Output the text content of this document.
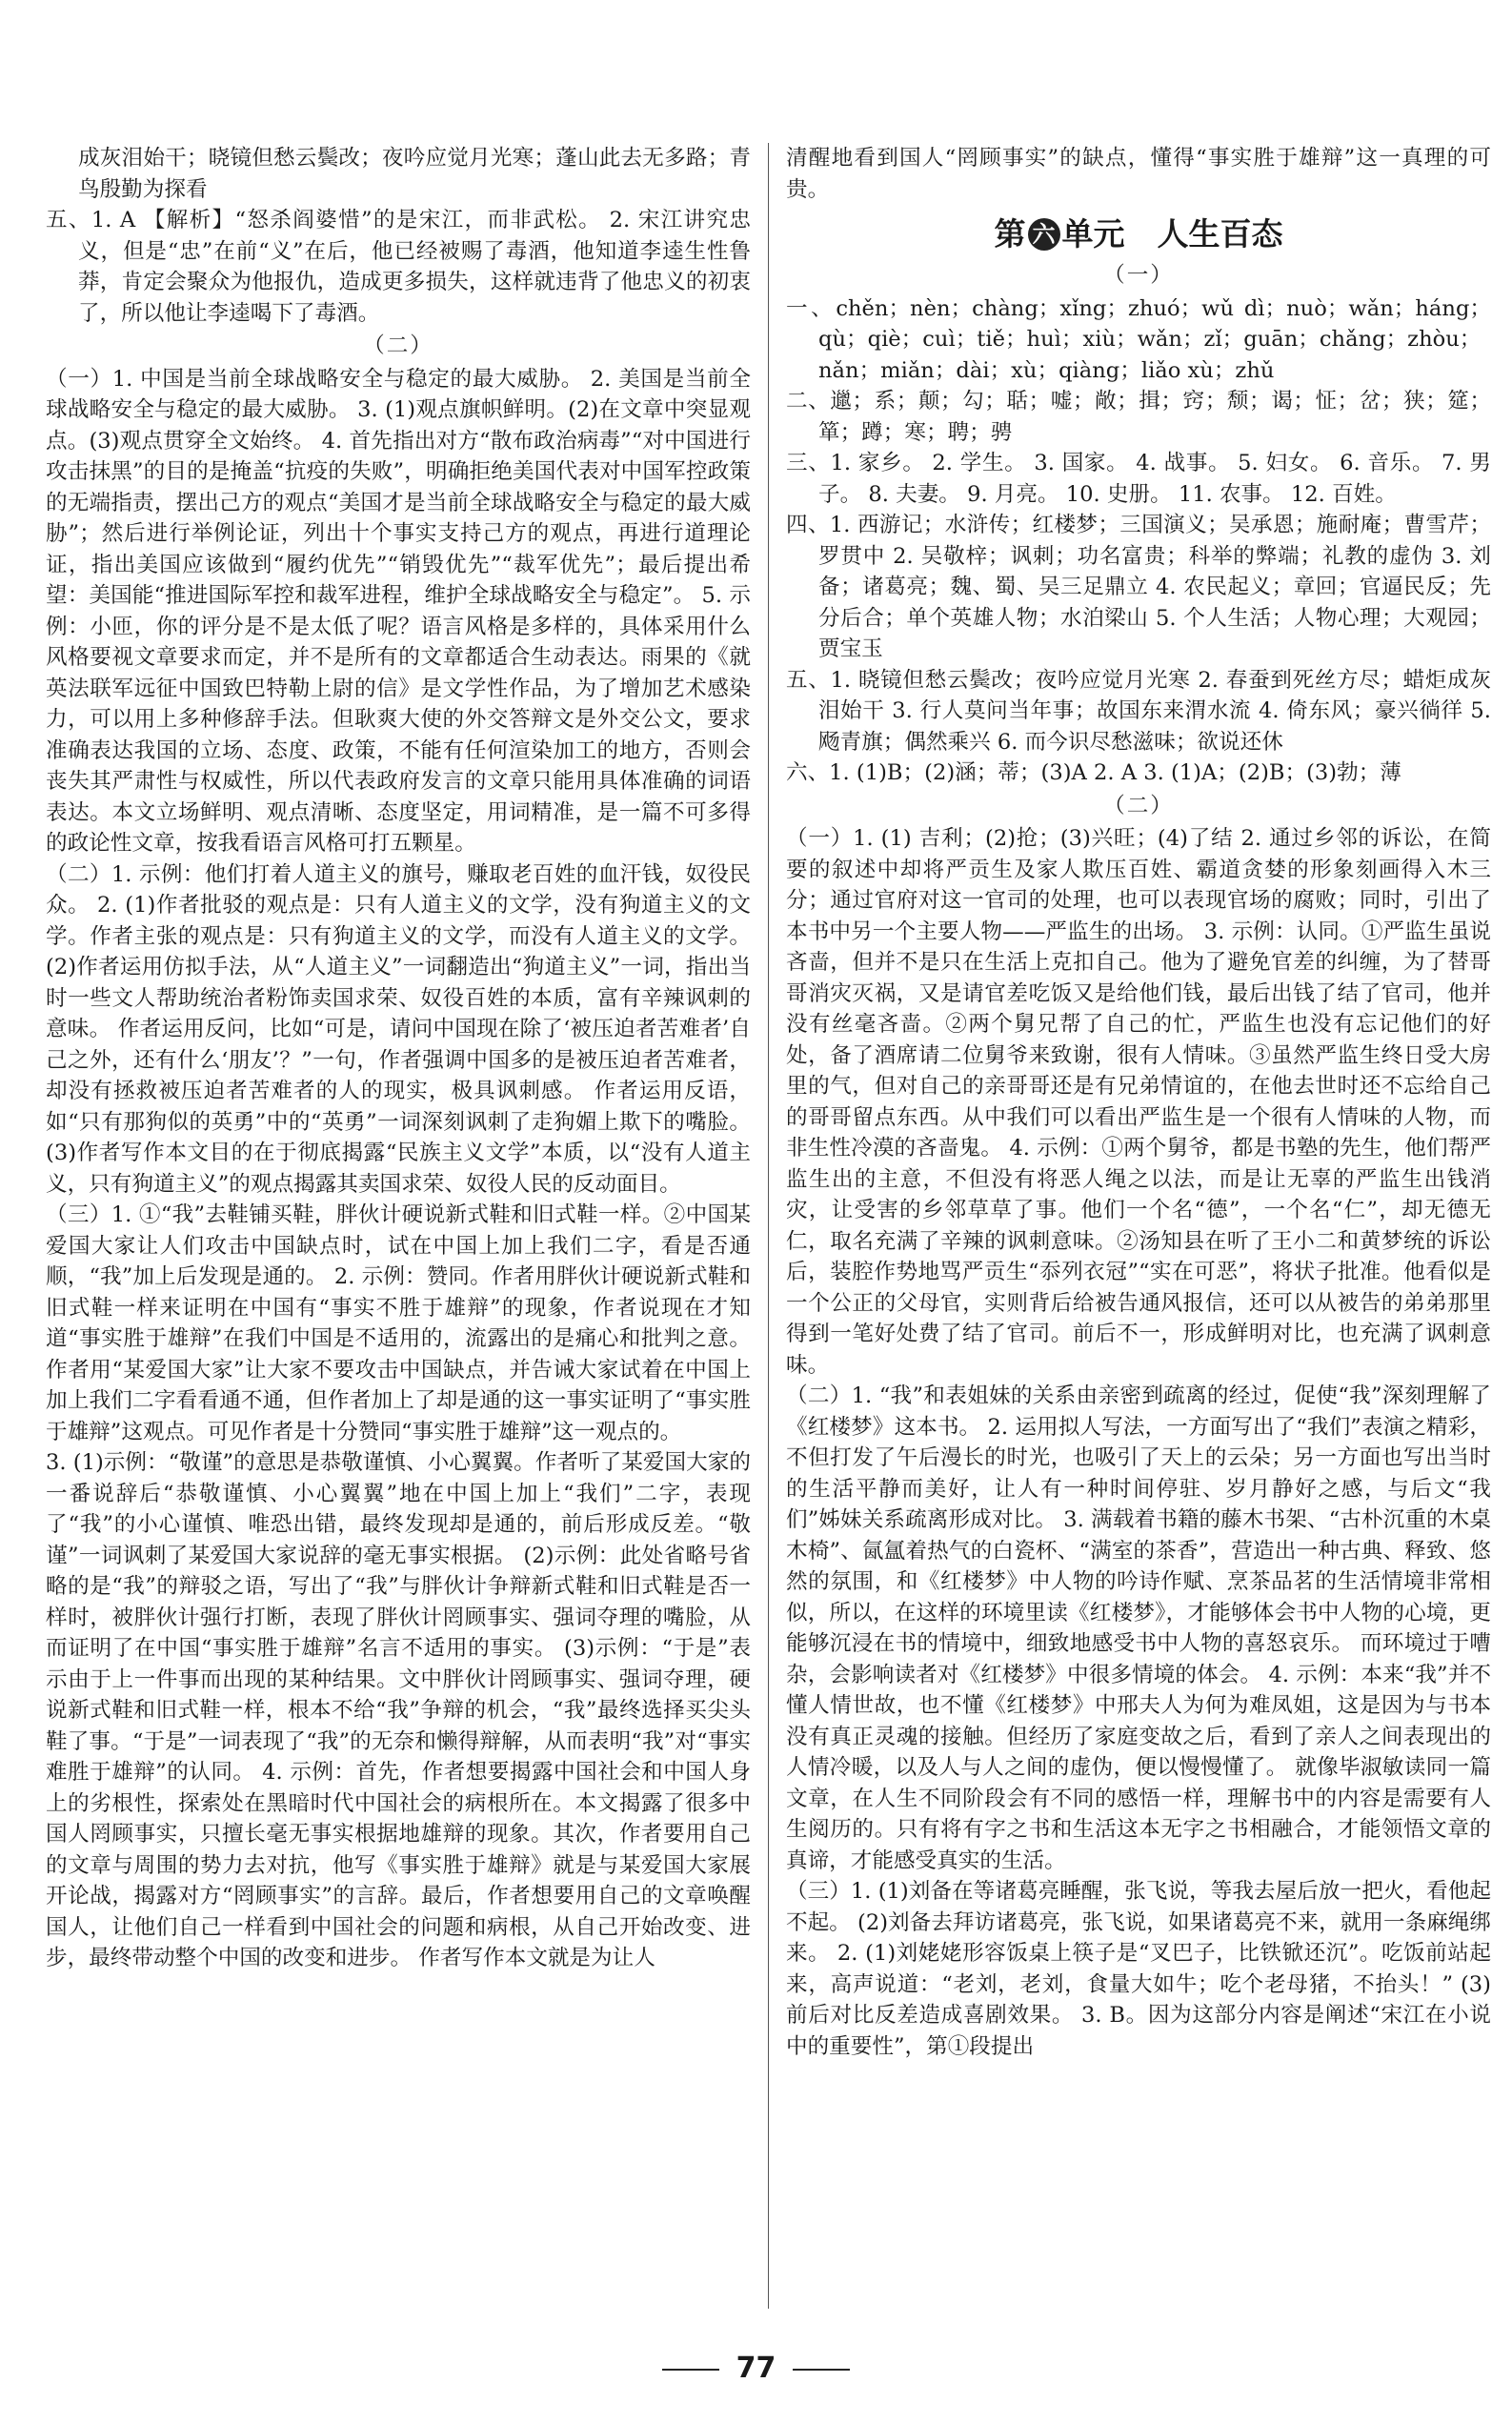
成灰泪始干；晓镜但愁云鬓改；夜吟应觉月光寒；蓬山此去无多路；青鸟殷勤为探看

五、1. A 【解析】“怒杀阎婆惜”的是宋江，而非武松。 2. 宋江讲究忠义，但是“忠”在前“义”在后，他已经被赐了毒酒，他知道李逵生性鲁莽，肯定会聚众为他报仇，造成更多损失，这样就违背了他忠义的初衷了，所以他让李逵喝下了毒酒。

（二）

（一）1. 中国是当前全球战略安全与稳定的最大威胁。 2. 美国是当前全球战略安全与稳定的最大威胁。 3. (1)观点旗帜鲜明。(2)在文章中突显观点。(3)观点贯穿全文始终。 4. 首先指出对方“散布政治病毒”“对中国进行攻击抹黑”的目的是掩盖“抗疫的失败”，明确拒绝美国代表对中国军控政策的无端指责，摆出己方的观点“美国才是当前全球战略安全与稳定的最大威胁”；然后进行举例论证，列出十个事实支持己方的观点，再进行道理论证，指出美国应该做到“履约优先”“销毁优先”“裁军优先”；最后提出希望：美国能“推进国际军控和裁军进程，维护全球战略安全与稳定”。 5. 示例：小匝，你的评分是不是太低了呢？语言风格是多样的，具体采用什么风格要视文章要求而定，并不是所有的文章都适合生动表达。雨果的《就英法联军远征中国致巴特勒上尉的信》是文学性作品，为了增加艺术感染力，可以用上多种修辞手法。但耿爽大使的外交答辩文是外交公文，要求准确表达我国的立场、态度、政策，不能有任何渲染加工的地方，否则会丧失其严肃性与权威性，所以代表政府发言的文章只能用具体准确的词语表达。本文立场鲜明、观点清晰、态度坚定，用词精准，是一篇不可多得的政论性文章，按我看语言风格可打五颗星。

（二）1. 示例：他们打着人道主义的旗号，赚取老百姓的血汗钱，奴役民众。 2. (1)作者批驳的观点是：只有人道主义的文学，没有狗道主义的文学。作者主张的观点是：只有狗道主义的文学，而没有人道主义的文学。 (2)作者运用仿拟手法，从“人道主义”一词翻造出“狗道主义”一词，指出当时一些文人帮助统治者粉饰卖国求荣、奴役百姓的本质，富有辛辣讽刺的意味。 作者运用反问，比如“可是，请问中国现在除了‘被压迫者苦难者’自己之外，还有什么‘朋友’？”一句，作者强调中国多的是被压迫者苦难者，却没有拯救被压迫者苦难者的人的现实，极具讽刺感。 作者运用反语，如“只有那狗似的英勇”中的“英勇”一词深刻讽刺了走狗媚上欺下的嘴脸。 (3)作者写作本文目的在于彻底揭露“民族主义文学”本质，以“没有人道主义，只有狗道主义”的观点揭露其卖国求荣、奴役人民的反动面目。

（三）1. ①“我”去鞋铺买鞋，胖伙计硬说新式鞋和旧式鞋一样。②中国某爱国大家让人们攻击中国缺点时，试在中国上加上我们二字，看是否通顺，“我”加上后发现是通的。 2. 示例：赞同。作者用胖伙计硬说新式鞋和旧式鞋一样来证明在中国有“事实不胜于雄辩”的现象，作者说现在才知道“事实胜于雄辩”在我们中国是不适用的，流露出的是痛心和批判之意。 作者用“某爱国大家”让大家不要攻击中国缺点，并告诫大家试着在中国上加上我们二字看看通不通，但作者加上了却是通的这一事实证明了“事实胜于雄辩”这观点。可见作者是十分赞同“事实胜于雄辩”这一观点的。

3. (1)示例：“敬谨”的意思是恭敬谨慎、小心翼翼。作者听了某爱国大家的一番说辞后“恭敬谨慎、小心翼翼”地在中国上加上“我们”二字，表现了“我”的小心谨慎、唯恐出错，最终发现却是通的，前后形成反差。“敬谨”一词讽刺了某爱国大家说辞的毫无事实根据。 (2)示例：此处省略号省略的是“我”的辩驳之语，写出了“我”与胖伙计争辩新式鞋和旧式鞋是否一样时，被胖伙计强行打断，表现了胖伙计罔顾事实、强词夺理的嘴脸，从而证明了在中国“事实胜于雄辩”名言不适用的事实。 (3)示例：“于是”表示由于上一件事而出现的某种结果。文中胖伙计罔顾事实、强词夺理，硬说新式鞋和旧式鞋一样，根本不给“我”争辩的机会，“我”最终选择买尖头鞋了事。“于是”一词表现了“我”的无奈和懒得辩解，从而表明“我”对“事实难胜于雄辩”的认同。 4. 示例：首先，作者想要揭露中国社会和中国人身上的劣根性，探索处在黑暗时代中国社会的病根所在。本文揭露了很多中国人罔顾事实，只擅长毫无事实根据地雄辩的现象。其次，作者要用自己的文章与周围的势力去对抗，他写《事实胜于雄辩》就是与某爱国大家展开论战，揭露对方“罔顾事实”的言辞。最后，作者想要用自己的文章唤醒国人，让他们自己一样看到中国社会的问题和病根，从自己开始改变、进步，最终带动整个中国的改变和进步。 作者写作本文就是为让人

清醒地看到国人“罔顾事实”的缺点，懂得“事实胜于雄辩”这一真理的可贵。

第 六 单元 人生百态

（一）

一、chěn；nèn；chàng；xǐng；zhuó；wǔ dì；nuò；wǎn；háng；qù；qiè；cuì；tiě；huì；xiù；wǎn；zǐ；guān；chǎng；zhòu；nǎn；miǎn；dài；xù；qiàng；liǎo xù；zhǔ

二、邋；系；颠；勾；聒；嘘；敞；揖；窍；颓；谒；怔；岔；狭；筵；箪；蹲；寒；聘；骋

三、1. 家乡。 2. 学生。 3. 国家。 4. 战事。 5. 妇女。 6. 音乐。 7. 男子。 8. 夫妻。 9. 月亮。 10. 史册。 11. 农事。 12. 百姓。

四、1. 西游记；水浒传；红楼梦；三国演义；吴承恩；施耐庵；曹雪芹；罗贯中 2. 吴敬梓；讽刺；功名富贵；科举的弊端；礼教的虚伪 3. 刘备；诸葛亮；魏、蜀、吴三足鼎立 4. 农民起义；章回；官逼民反；先分后合；单个英雄人物；水泊梁山 5. 个人生活；人物心理；大观园；贾宝玉

五、1. 晓镜但愁云鬓改；夜吟应觉月光寒 2. 春蚕到死丝方尽；蜡炬成灰泪始干 3. 行人莫问当年事；故国东来渭水流 4. 倚东风；豪兴徜徉 5. 飏青旗；偶然乘兴 6. 而今识尽愁滋味；欲说还休

六、1. (1)B；(2)涵；蒂；(3)A 2. A 3. (1)A；(2)B；(3)勃；薄

（二）

（一）1. (1) 吉利；(2)抢；(3)兴旺；(4)了结 2. 通过乡邻的诉讼，在简要的叙述中却将严贡生及家人欺压百姓、霸道贪婪的形象刻画得入木三分；通过官府对这一官司的处理，也可以表现官场的腐败；同时，引出了本书中另一个主要人物——严监生的出场。 3. 示例：认同。①严监生虽说吝啬，但并不是只在生活上克扣自己。他为了避免官差的纠缠，为了替哥哥消灾灭祸，又是请官差吃饭又是给他们钱，最后出钱了结了官司，他并没有丝毫吝啬。②两个舅兄帮了自己的忙，严监生也没有忘记他们的好处，备了酒席请二位舅爷来致谢，很有人情味。③虽然严监生终日受大房里的气，但对自己的亲哥哥还是有兄弟情谊的，在他去世时还不忘给自己的哥哥留点东西。从中我们可以看出严监生是一个很有人情味的人物，而非生性冷漠的吝啬鬼。 4. 示例：①两个舅爷，都是书塾的先生，他们帮严监生出的主意，不但没有将恶人绳之以法，而是让无辜的严监生出钱消灾，让受害的乡邻草草了事。他们一个名“德”，一个名“仁”，却无德无仁，取名充满了辛辣的讽刺意味。②汤知县在听了王小二和黄梦统的诉讼后，装腔作势地骂严贡生“忝列衣冠”“实在可恶”，将状子批准。他看似是一个公正的父母官，实则背后给被告通风报信，还可以从被告的弟弟那里得到一笔好处费了结了官司。前后不一，形成鲜明对比，也充满了讽刺意味。

（二）1. “我”和表姐妹的关系由亲密到疏离的经过，促使“我”深刻理解了《红楼梦》这本书。 2. 运用拟人写法，一方面写出了“我们”表演之精彩，不但打发了午后漫长的时光，也吸引了天上的云朵；另一方面也写出当时的生活平静而美好，让人有一种时间停驻、岁月静好之感，与后文“我们”姊妹关系疏离形成对比。 3. 满载着书籍的藤木书架、“古朴沉重的木桌木椅”、氤氲着热气的白瓷杯、“满室的茶香”，营造出一种古典、释致、悠然的氛围，和《红楼梦》中人物的吟诗作赋、烹茶品茗的生活情境非常相似，所以，在这样的环境里读《红楼梦》，才能够体会书中人物的心境，更能够沉浸在书的情境中，细致地感受书中人物的喜怒哀乐。 而环境过于嘈杂，会影响读者对《红楼梦》中很多情境的体会。 4. 示例：本来“我”并不懂人情世故，也不懂《红楼梦》中邢夫人为何为难凤姐，这是因为与书本没有真正灵魂的接触。但经历了家庭变故之后，看到了亲人之间表现出的人情冷暖，以及人与人之间的虚伪，便以慢慢懂了。 就像毕淑敏读同一篇文章，在人生不同阶段会有不同的感悟一样，理解书中的内容是需要有人生阅历的。只有将有字之书和生活这本无字之书相融合，才能领悟文章的真谛，才能感受真实的生活。

（三）1. (1)刘备在等诸葛亮睡醒，张飞说，等我去屋后放一把火，看他起不起。 (2)刘备去拜访诸葛亮，张飞说，如果诸葛亮不来，就用一条麻绳绑来。 2. (1)刘姥姥形容饭桌上筷子是“叉巴子，比铁锨还沉”。吃饭前站起来，高声说道：“老刘，老刘，食量大如牛；吃个老母猪，不抬头！” (3)前后对比反差造成喜剧效果。 3. B。因为这部分内容是阐述“宋江在小说中的重要性”，第①段提出

77
